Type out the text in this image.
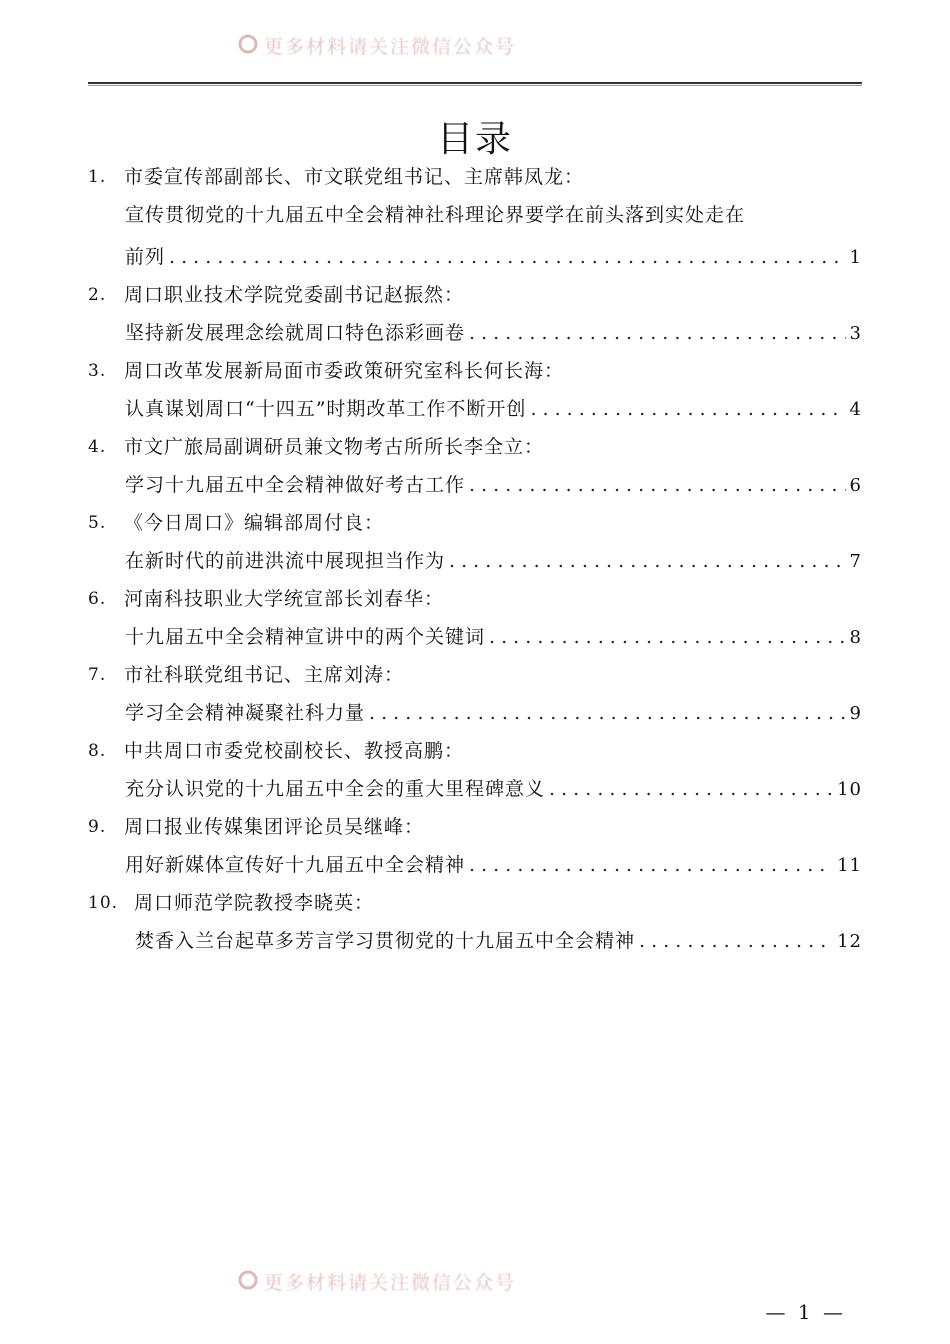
更多材料请关注微信公众号
目录
1. 市委宣传部副部长、市文联党组书记、主席韩凤龙：
宣传贯彻党的十九届五中全会精神社科理论界要学在前头落到实处走在
前列 . . .	1
2. 周口职业技术学院党委副书记赵振然：
坚持新发展理念绘就周口特色添彩画卷 . . .	3
3. 周口改革发展新局面市委政策研究室科长何长海：
认真谋划周口“十四五”时期改革工作不断开创 . . .	4
4. 市文广旅局副调研员兼文物考古所所长李全立：
学习十九届五中全会精神做好考古工作 . . .	6
5. 《今日周口》编辑部周付良：
在新时代的前进洪流中展现担当作为 . . .	7
6. 河南科技职业大学统宣部长刘春华：
十九届五中全会精神宣讲中的两个关键词 . . .	8
7. 市社科联党组书记、主席刘涛：
学习全会精神凝聚社科力量 . . .	9
8. 中共周口市委党校副校长、教授高鹏：
充分认识党的十九届五中全会的重大里程碑意义 . . .	10
9. 周口报业传媒集团评论员吴继峰：
用好新媒体宣传好十九届五中全会精神 . . .	11
10. 周口师范学院教授李晓英：
焚香入兰台起草多芳言学习贯彻党的十九届五中全会精神 . . .	12
更多材料请关注微信公众号
— 1 —
